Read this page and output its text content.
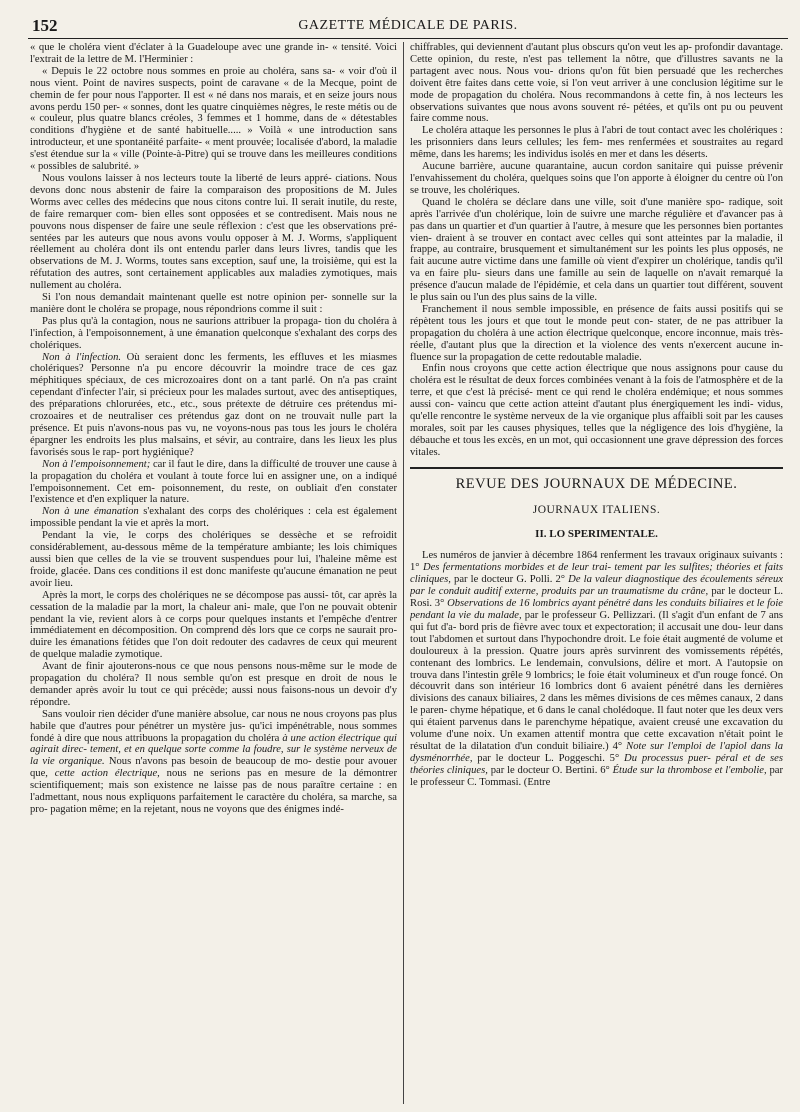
152	GAZETTE MÉDICALE DE PARIS.

« que le choléra vient d'éclater à la Guadeloupe avec une grande in- « tensité. Voici l'extrait de la lettre de M. l'Herminier :

« Depuis le 22 octobre nous sommes en proie au choléra, sans sa- « voir d'où il nous vient. Point de navires suspects, point de caravane « de la Mecque, point de chemin de fer pour nous l'apporter. Il est « né dans nos marais, et en seize jours nous avons perdu 150 per- « sonnes, dont les quatre cinquièmes nègres, le reste métis ou de « couleur, plus quatre blancs créoles, 3 femmes et 1 homme, dans de « détestables conditions d'hygiène et de santé habituelle..... » Voilà « une introduction sans introducteur, et une spontanéité parfaite- « ment prouvée; localisée d'abord, la maladie s'est étendue sur la « ville (Pointe-à-Pitre) qui se trouve dans les meilleures conditions « possibles de salubrité. »

Nous voulons laisser à nos lecteurs toute la liberté de leurs appré- ciations. Nous devons donc nous abstenir de faire la comparaison des propositions de M. Jules Worms avec celles des médecins que nous citons contre lui. Il serait inutile, du reste, de faire remarquer com- bien elles sont opposées et se contredisent. Mais nous ne pouvons nous dispenser de faire une seule réflexion : c'est que les observations pré- sentées par les auteurs que nous avons voulu opposer à M. J. Worms, s'appliquent réellement au choléra dont ils ont entendu parler dans leurs livres, tandis que les observations de M. J. Worms, toutes sans exception, sauf une, la troisième, qui est la réfutation des autres, sont certainement applicables aux maladies zymotiques, mais nullement au choléra.

Si l'on nous demandait maintenant quelle est notre opinion per- sonnelle sur la manière dont le choléra se propage, nous répondrions comme il suit :

Pas plus qu'à la contagion, nous ne saurions attribuer la propaga- tion du choléra à l'infection, à l'empoisonnement, à une émanation quelconque s'exhalant des corps des cholériques.

Non à l'infection. Où seraient donc les ferments, les effluves et les miasmes cholériques? Personne n'a pu encore découvrir la moindre trace de ces gaz méphitiques spéciaux, de ces microzoaires dont on a tant parlé. On n'a pas craint cependant d'infecter l'air, si précieux pour les malades surtout, avec des antiseptiques, des préparations chlorurées, etc., etc., sous prétexte de détruire ces prétendus mi- crozoaires et de neutraliser ces prétendus gaz dont on ne trouvait nulle part la présence. Et puis n'avons-nous pas vu, ne voyons-nous pas tous les jours le choléra épargner les endroits les plus malsains, et sévir, au contraire, dans les lieux les plus favorisés sous le rap- port hygiénique?

Non à l'empoisonnement; car il faut le dire, dans la difficulté de trouver une cause à la propagation du choléra et voulant à toute force lui en assigner une, on a indiqué l'empoisonnement. Cet em- poisonnement, du reste, on oubliait d'en constater l'existence et d'en expliquer la nature.

Non à une émanation s'exhalant des corps des cholériques : cela est également impossible pendant la vie et après la mort.

Pendant la vie, le corps des cholériques se dessèche et se refroidit considérablement, au-dessous même de la température ambiante; les lois chimiques aussi bien que celles de la vie se trouvent suspendues pour lui, l'haleine même est froide, glacée. Dans ces conditions il est donc manifeste qu'aucune émanation ne peut avoir lieu.

Après la mort, le corps des cholériques ne se décompose pas aussi- tôt, car après la cessation de la maladie par la mort, la chaleur ani- male, que l'on ne pouvait obtenir pendant la vie, revient alors à ce corps pour quelques instants et l'empêche d'entrer immédiatement en décomposition. On comprend dès lors que ce corps ne saurait pro- duire les émanations fétides que l'on doit redouter des cadavres de ceux qui meurent de quelque maladie zymotique.

Avant de finir ajouterons-nous ce que nous pensons nous-même sur le mode de propagation du choléra? Il nous semble qu'on est presque en droit de nous le demander après avoir lu tout ce qui précède; aussi nous faisons-nous un devoir d'y répondre.

Sans vouloir rien décider d'une manière absolue, car nous ne nous croyons pas plus habile que d'autres pour pénétrer un mystère jus- qu'ici impénétrable, nous sommes fondé à dire que nous attribuons la propagation du choléra à une action électrique qui agirait direc- tement, et en quelque sorte comme la foudre, sur le système nerveux de la vie organique. Nous n'avons pas besoin de beaucoup de mo- destie pour avouer que, cette action électrique, nous ne serions pas en mesure de la démontrer scientifiquement; mais son existence ne laisse pas de nous paraître certaine : en l'admettant, nous nous expliquons parfaitement le caractère du choléra, sa marche, sa pro- pagation même; en la rejetant, nous ne voyons que des énigmes indé-

chiffrables, qui deviennent d'autant plus obscurs qu'on veut les ap- profondir davantage. Cette opinion, du reste, n'est pas tellement la nôtre, que d'illustres savants ne la partagent avec nous. Nous vou- drions qu'on fût bien persuadé que les recherches doivent être faites dans cette voie, si l'on veut arriver à une conclusion légitime sur le mode de propagation du choléra. Nous recommandons à cette fin, à nos lecteurs les observations suivantes que nous avons souvent ré- pétées, et qu'ils ont pu ou peuvent faire comme nous.

Le choléra attaque les personnes le plus à l'abri de tout contact avec les cholériques : les prisonniers dans leurs cellules; les fem- mes renfermées et soustraites au regard même, dans les harems; les individus isolés en mer et dans les déserts.

Aucune barrière, aucune quarantaine, aucun cordon sanitaire qui puisse prévenir l'envahissement du choléra, quelques soins que l'on apporte à éloigner du centre où l'on se trouve, les cholériques.

Quand le choléra se déclare dans une ville, soit d'une manière spo- radique, soit après l'arrivée d'un cholérique, loin de suivre une marche régulière et d'avancer pas à pas dans un quartier et d'un quartier à l'autre, à mesure que les personnes bien portantes vien- draient à se trouver en contact avec celles qui sont atteintes par la maladie, il frappe, au contraire, brusquement et simultanément sur les points les plus opposés, ne fait aucune autre victime dans une famille où vient d'expirer un cholérique, tandis qu'il va en faire plu- sieurs dans une famille au sein de laquelle on n'avait remarqué la présence d'aucun malade de l'épidémie, et cela dans un quartier tout différent, souvent le plus sain ou l'un des plus sains de la ville.

Franchement il nous semble impossible, en présence de faits aussi positifs qui se répètent tous les jours et que tout le monde peut con- stater, de ne pas attribuer la propagation du choléra à une action électrique quelconque, encore inconnue, mais très-réelle, d'autant plus que la direction et la violence des vents n'exercent aucune in- fluence sur la propagation de cette redoutable maladie.

Enfin nous croyons que cette action électrique que nous assignons pour cause du choléra est le résultat de deux forces combinées venant à la fois de l'atmosphère et de la terre, et que c'est là précisé- ment ce qui rend le choléra endémique; et nous sommes aussi con- vaincu que cette action atteint d'autant plus énergiquement les indi- vidus, qu'elle rencontre le système nerveux de la vie organique plus affaibli soit par les causes morales, soit par les causes physiques, telles que la négligence des lois d'hygiène, la débauche et tous les excès, en un mot, qui occasionnent une grave dépression des forces vitales.

REVUE DES JOURNAUX DE MÉDECINE.

JOURNAUX ITALIENS.

II. LO SPERIMENTALE.

Les numéros de janvier à décembre 1864 renferment les travaux originaux suivants : 1° Des fermentations morbides et de leur trai- tement par les sulfites; théories et faits cliniques, par le docteur G. Polli. 2° De la valeur diagnostique des écoulements séreux par le conduit auditif externe, produits par un traumatisme du crâne, par le docteur L. Rosi. 3° Observations de 16 lombrics ayant pénétré dans les conduits biliaires et le foie pendant la vie du malade, par le professeur G. Pellizzari. (Il s'agit d'un enfant de 7 ans qui fut d'a- bord pris de fièvre avec toux et expectoration; il accusait une dou- leur dans tout l'abdomen et surtout dans l'hypochondre droit. Le foie était augmenté de volume et douloureux à la pression. Quatre jours après survinrent des vomissements répétés, contenant des lombrics. Le lendemain, convulsions, délire et mort. A l'autopsie on trouva dans l'intestin grêle 9 lombrics; le foie était volumineux et d'un rouge foncé. On découvrit dans son intérieur 16 lombrics dont 6 avaient pénétré dans les dernières divisions des canaux biliaires, 2 dans les mêmes divisions de ces mêmes canaux, 2 dans le paren- chyme hépatique, et 6 dans le canal cholédoque. Il faut noter que les deux vers qui étaient parvenus dans le parenchyme hépatique, avaient creusé une excavation du volume d'une noix. Un examen attentif montra que cette excavation n'était point le résultat de la dilatation d'un conduit biliaire.) 4° Note sur l'emploi de l'apiol dans la dysménorrhée, par le docteur L. Poggeschi. 5° Du processus puer- péral et de ses théories cliniques, par le docteur O. Bertini. 6° Étude sur la thrombose et l'embolie, par le professeur C. Tommasi. (Entre
